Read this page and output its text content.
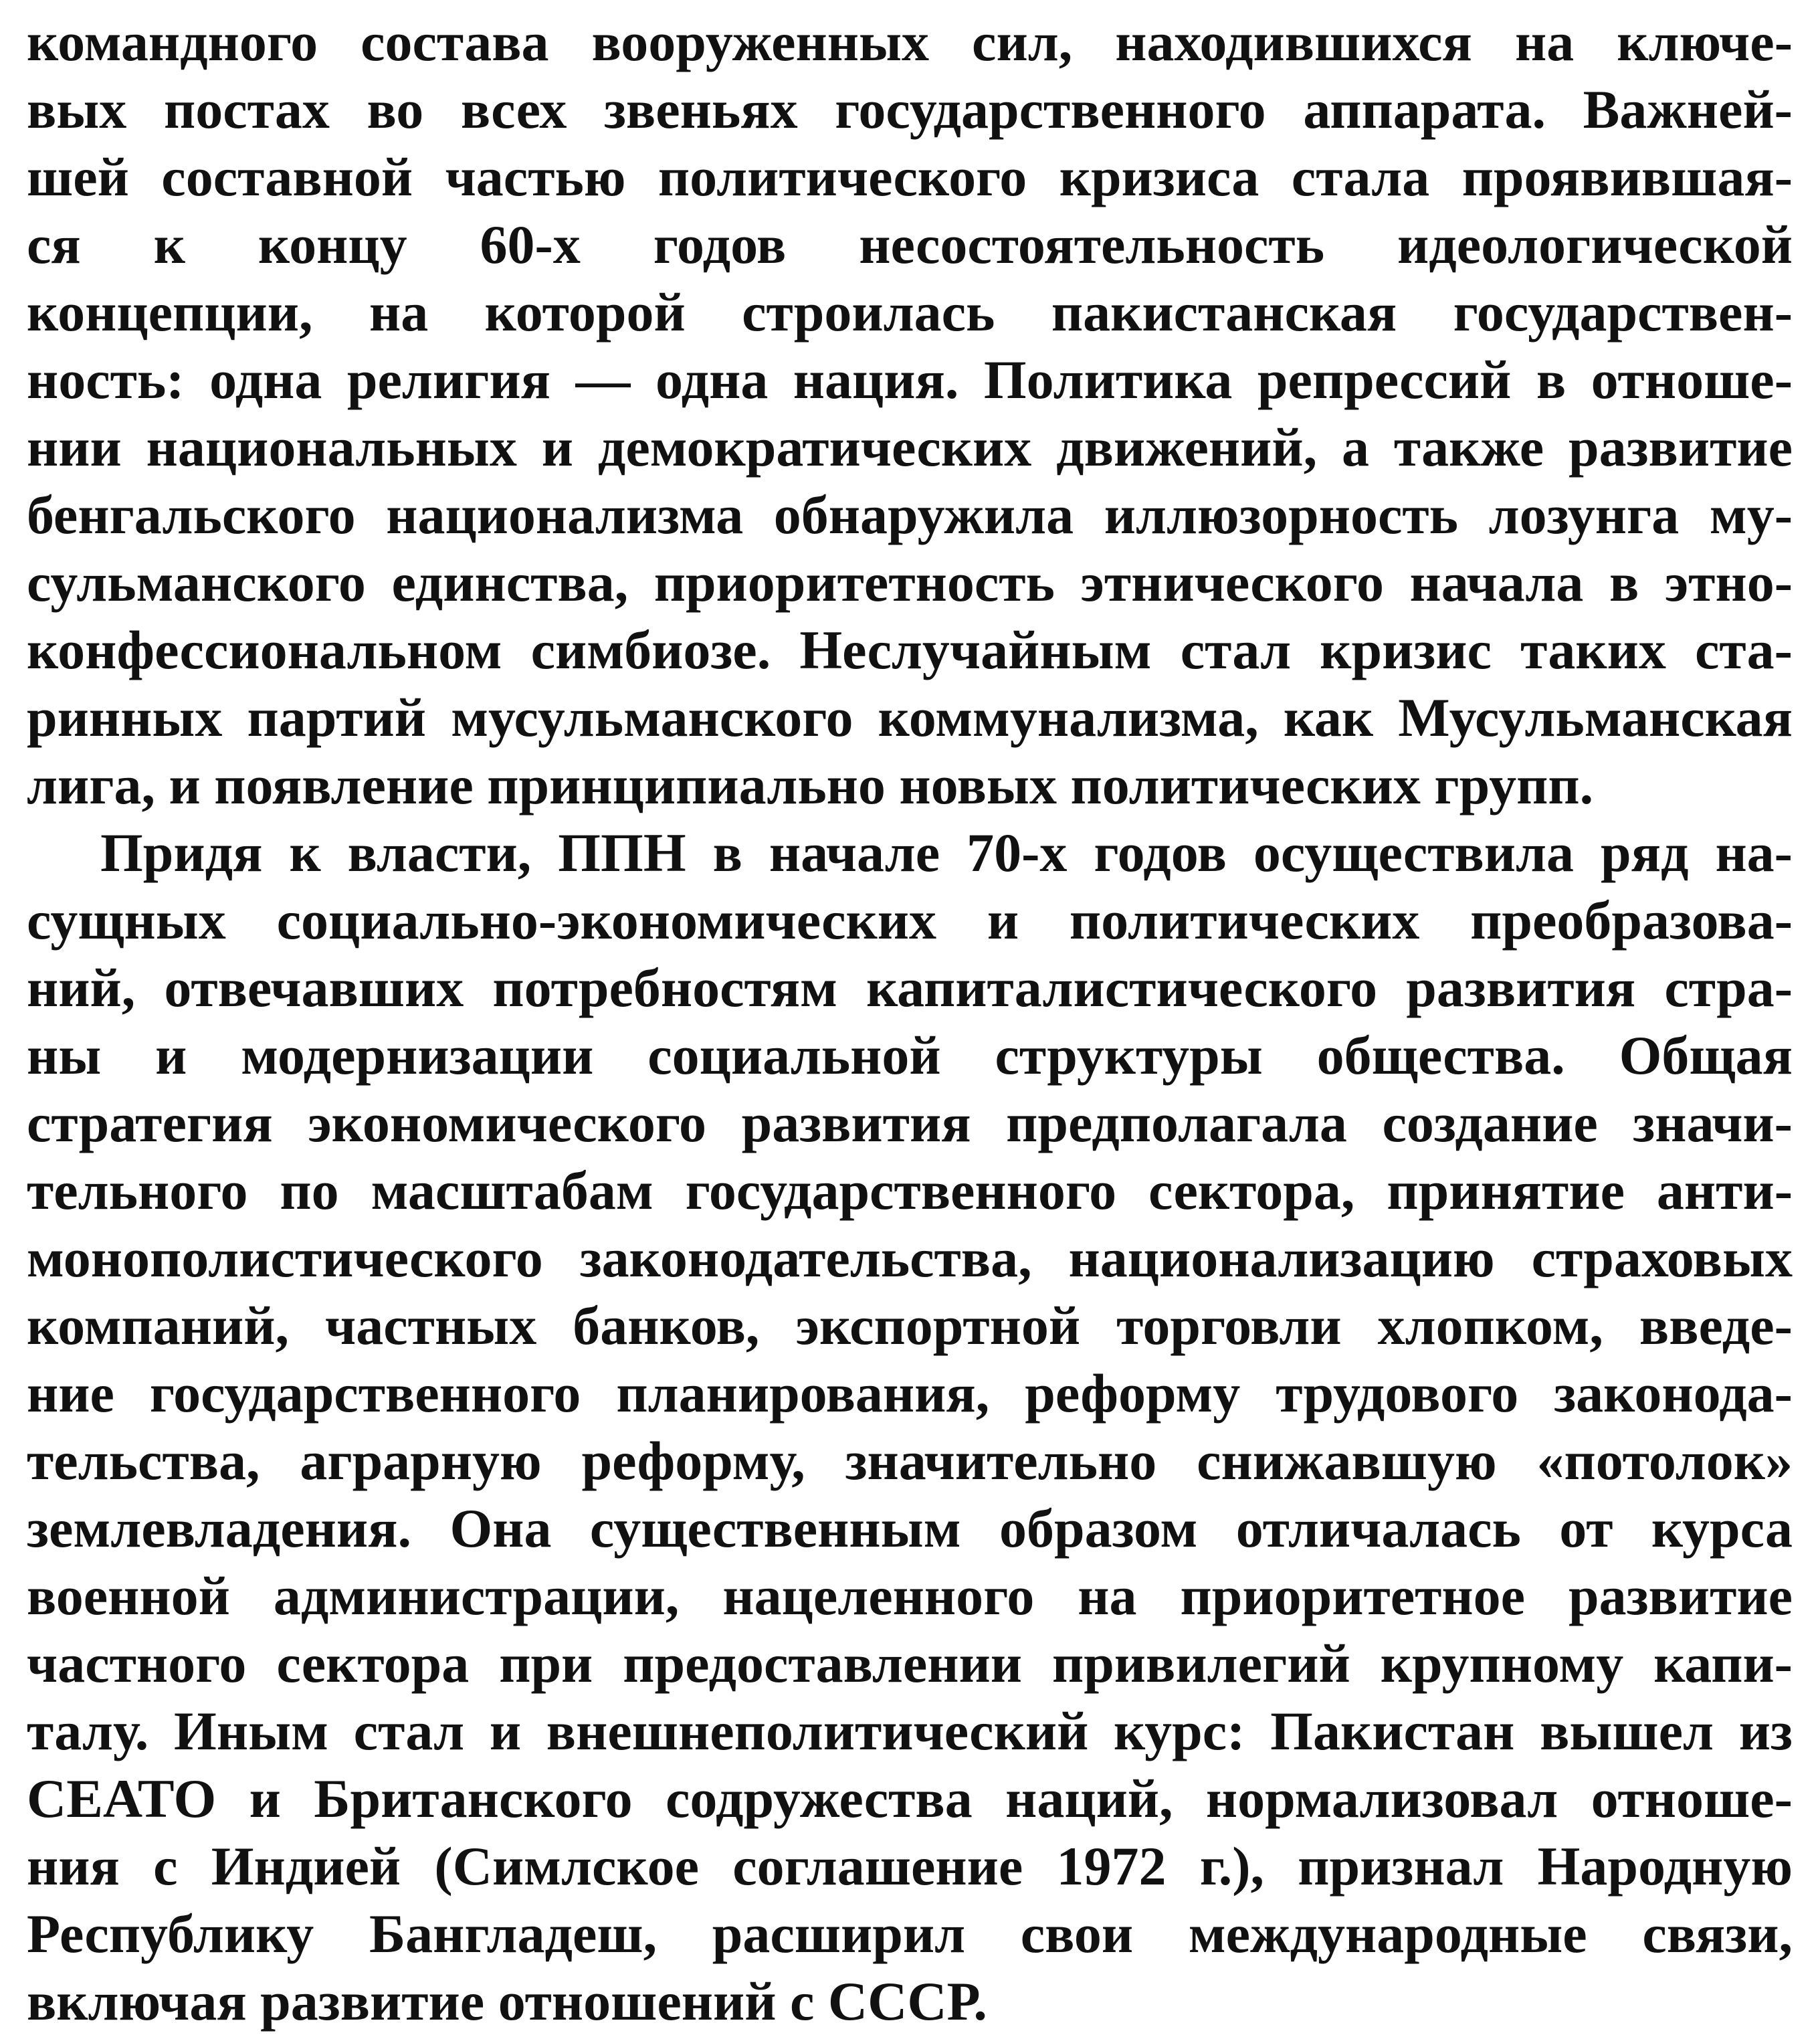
командного состава вооруженных сил, находившихся на ключе-
вых постах во всех звеньях государственного аппарата. Важней-
шей составной частью политического кризиса стала проявившая-
ся к концу 60-х годов несостоятельность идеологической
концепции, на которой строилась пакистанская государствен-
ность: одна религия — одна нация. Политика репрессий в отноше-
нии национальных и демократических движений, а также развитие
бенгальского национализма обнаружила иллюзорность лозунга му-
сульманского единства, приоритетность этнического начала в этно-
конфессиональном симбиозе. Неслучайным стал кризис таких ста-
ринных партий мусульманского коммунализма, как Мусульманская
лига, и появление принципиально новых политических групп.
Придя к власти, ППН в начале 70-х годов осуществила ряд на-
сущных социально-экономических и политических преобразова-
ний, отвечавших потребностям капиталистического развития стра-
ны и модернизации социальной структуры общества. Общая
стратегия экономического развития предполагала создание значи-
тельного по масштабам государственного сектора, принятие анти-
монополистического законодательства, национализацию страховых
компаний, частных банков, экспортной торговли хлопком, введе-
ние государственного планирования, реформу трудового законода-
тельства, аграрную реформу, значительно снижавшую «потолок»
землевладения. Она существенным образом отличалась от курса
военной администрации, нацеленного на приоритетное развитие
частного сектора при предоставлении привилегий крупному капи-
талу. Иным стал и внешнеполитический курс: Пакистан вышел из
СЕАТО и Британского содружества наций, нормализовал отноше-
ния с Индией (Симлское соглашение 1972 г.), признал Народную
Республику Бангладеш, расширил свои международные связи,
включая развитие отношений с СССР.
